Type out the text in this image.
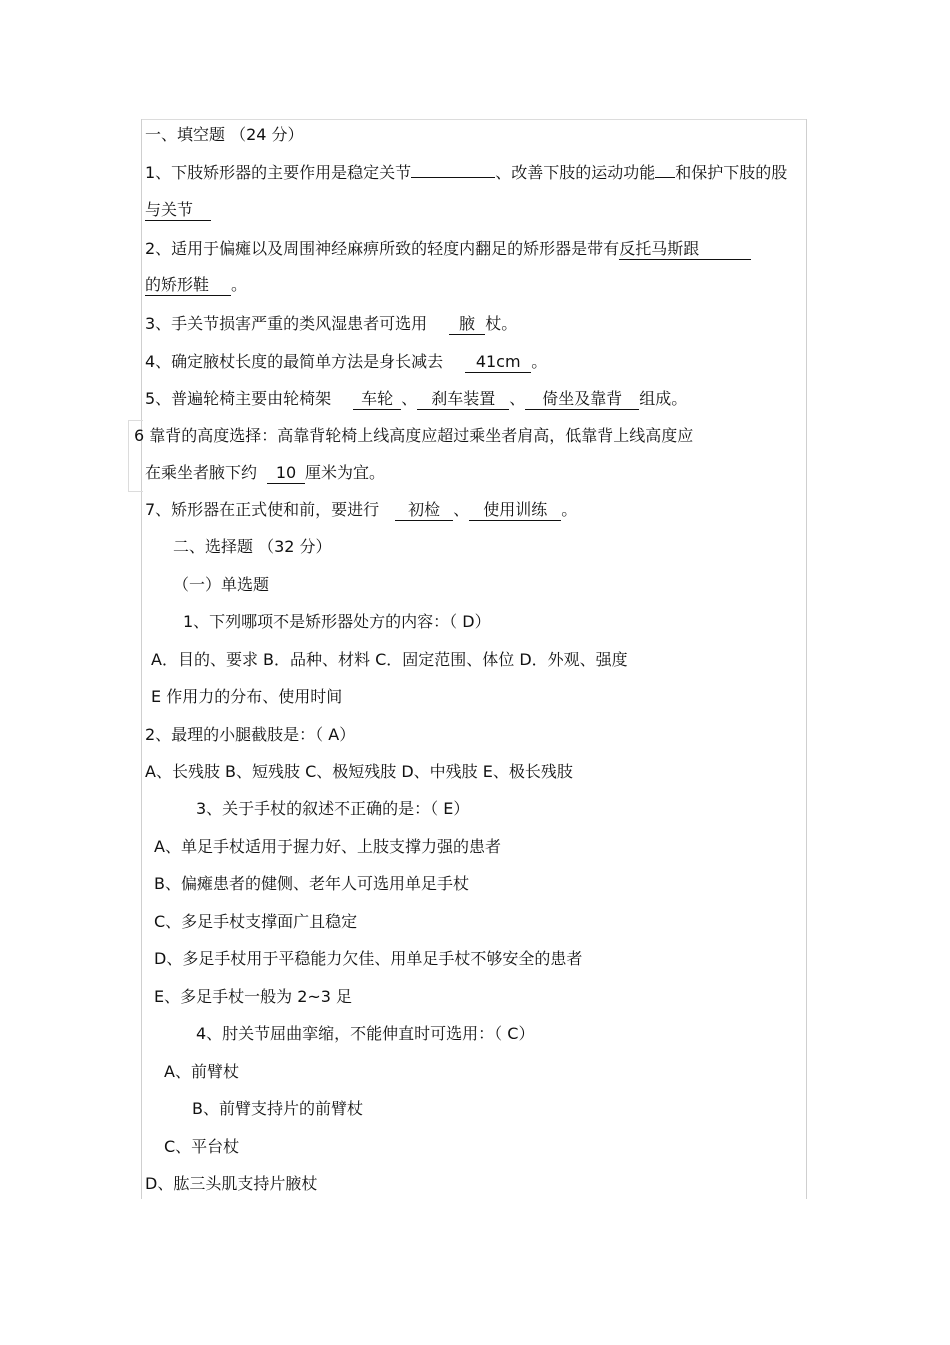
一、填空题 （24 分）
1、下肢矫形器的主要作用是稳定关节	、改善下肢的运动功能 和保护下肢的股
与关节
2、适用于偏瘫以及周围神经麻痹所致的轻度内翻足的矫形器是带有反托马斯跟
的矫形鞋 。
3、手关节损害严重的类风湿患者可选用 腋 杖。
4、确定腋杖长度的最简单方法是身长减去 41cm 。
5、普遍轮椅主要由轮椅架 车轮 、 刹车装置 、 倚坐及靠背 组成。
6 靠背的高度选择：高靠背轮椅上线高度应超过乘坐者肩高，低靠背上线高度应
在乘坐者腋下约 10 厘米为宜。
7、矫形器在正式使和前，要进行 初检 、 使用训练 。
二、选择题 （32 分）
（一）单选题
1、下列哪项不是矫形器处方的内容：（ D）
A．目的、要求 B．品种、材料 C．固定范围、体位 D．外观、强度
E 作用力的分布、使用时间
2、最理的小腿截肢是：（ A）
A、长残肢 B、短残肢 C、极短残肢 D、中残肢 E、极长残肢
3、关于手杖的叙述不正确的是：（ E）
A、单足手杖适用于握力好、上肢支撑力强的患者
B、偏瘫患者的健侧、老年人可选用单足手杖
C、多足手杖支撑面广且稳定
D、多足手杖用于平稳能力欠佳、用单足手杖不够安全的患者
E、多足手杖一般为 2~3 足
4、肘关节屈曲挛缩，不能伸直时可选用：（ C）
A、前臂杖
B、前臂支持片的前臂杖
C、平台杖
D、肱三头肌支持片腋杖
